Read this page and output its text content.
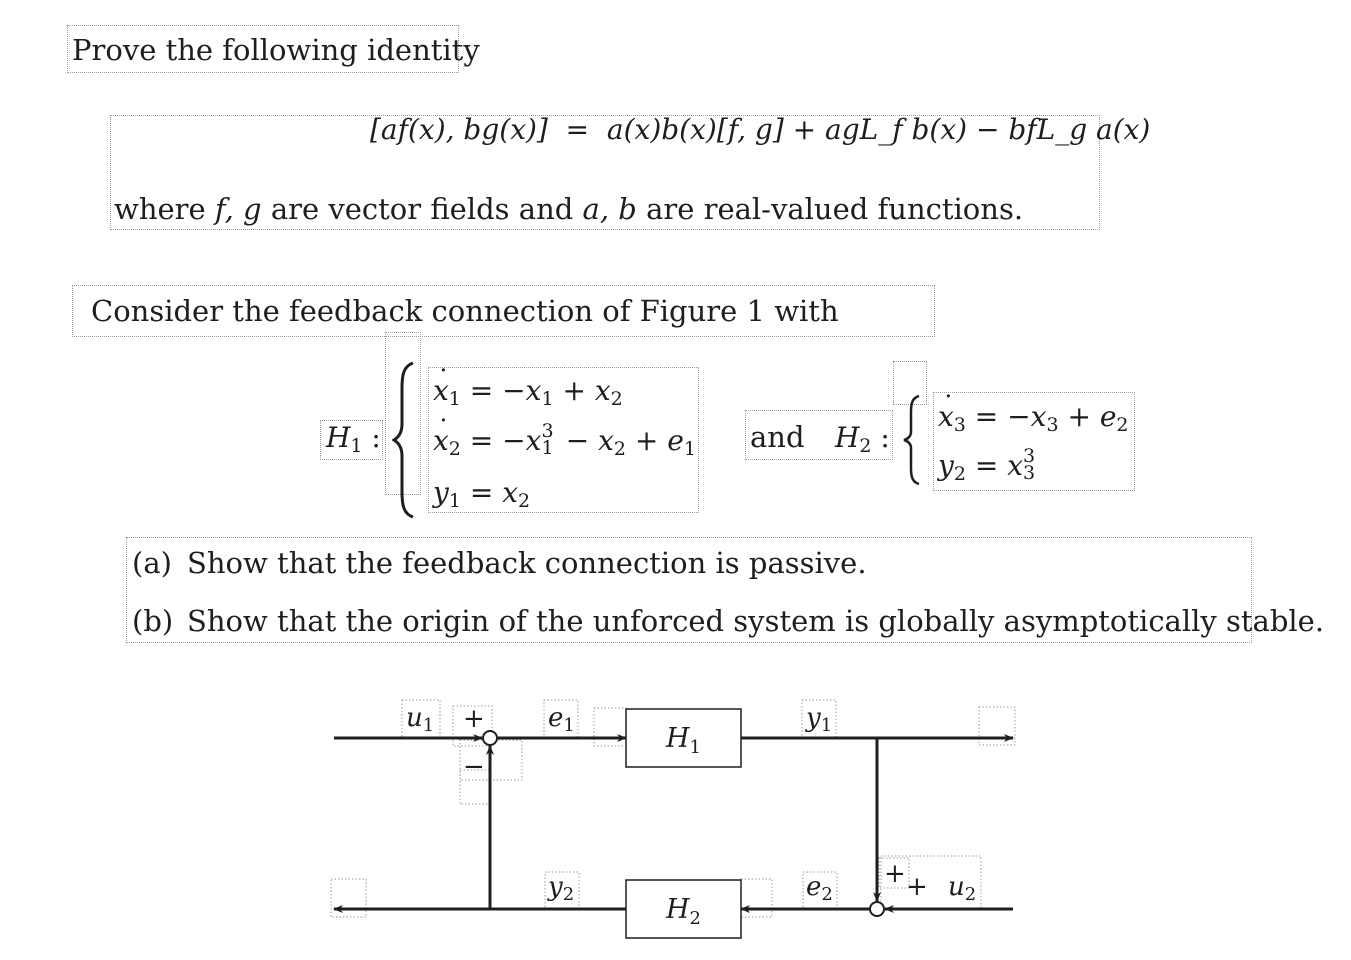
Prove the following identity
[af(x), bg(x)]  =  a(x)b(x)[f, g] + agL_f b(x) − bfL_g a(x)
where f, g are vector fields and a, b are real-valued functions.
Consider the feedback connection of Figure 1 with
$H_1$ :
˙ $x_1 = -x_1 + x_2$
˙ $x_2 = -x$ 3
$1 - x_2 + e_1$
$y_1 = x_2$
and $H_2$ :
˙ $x_3 = -x_3 + e_2$
$y_2 = x$ 3
3
(a) Show that the feedback connection is passive.
(b) Show that the origin of the unforced system is globally asymptotically stable.
$H_1$
$H_2$
u1	e1	y1
y2	e2	u2
+
−
+ +
